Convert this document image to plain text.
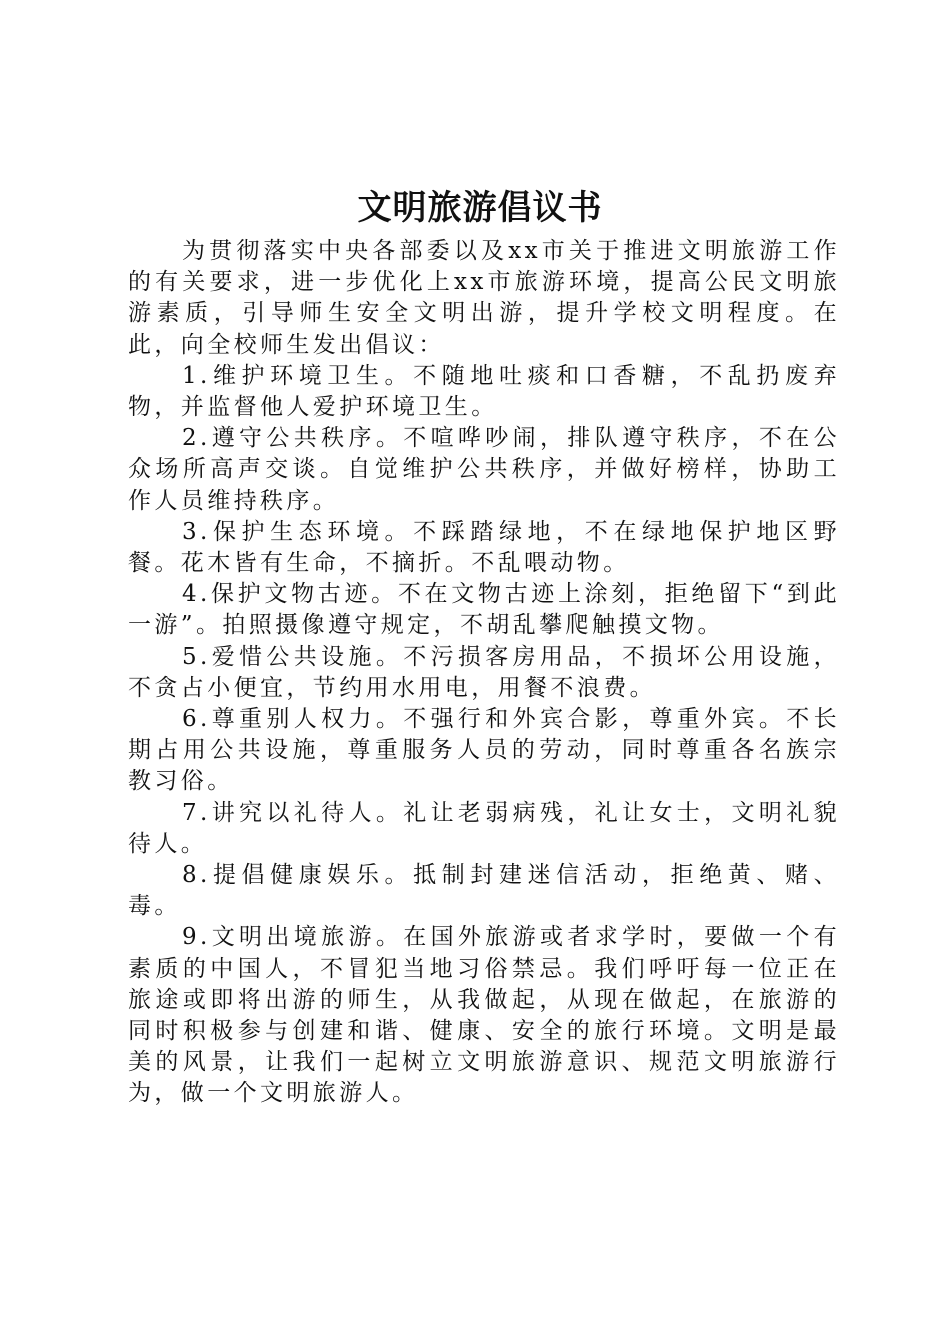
文明旅游倡议书

为贯彻落实中央各部委以及xx市关于推进文明旅游工作的有关要求，进一步优化上xx市旅游环境，提高公民文明旅游素质，引导师生安全文明出游，提升学校文明程度。在此，向全校师生发出倡议：

1.维护环境卫生。不随地吐痰和口香糖，不乱扔废弃物，并监督他人爱护环境卫生。

2.遵守公共秩序。不喧哗吵闹，排队遵守秩序，不在公众场所高声交谈。自觉维护公共秩序，并做好榜样，协助工作人员维持秩序。

3.保护生态环境。不踩踏绿地，不在绿地保护地区野餐。花木皆有生命，不摘折。不乱喂动物。

4.保护文物古迹。不在文物古迹上涂刻，拒绝留下“到此一游”。拍照摄像遵守规定，不胡乱攀爬触摸文物。

5.爱惜公共设施。不污损客房用品，不损坏公用设施，不贪占小便宜，节约用水用电，用餐不浪费。

6.尊重别人权力。不强行和外宾合影，尊重外宾。不长期占用公共设施，尊重服务人员的劳动，同时尊重各名族宗教习俗。

7.讲究以礼待人。礼让老弱病残，礼让女士，文明礼貌待人。

8.提倡健康娱乐。抵制封建迷信活动，拒绝黄、赌、毒。

9.文明出境旅游。在国外旅游或者求学时，要做一个有素质的中国人，不冒犯当地习俗禁忌。我们呼吁每一位正在旅途或即将出游的师生，从我做起，从现在做起，在旅游的同时积极参与创建和谐、健康、安全的旅行环境。文明是最美的风景，让我们一起树立文明旅游意识、规范文明旅游行为，做一个文明旅游人。
